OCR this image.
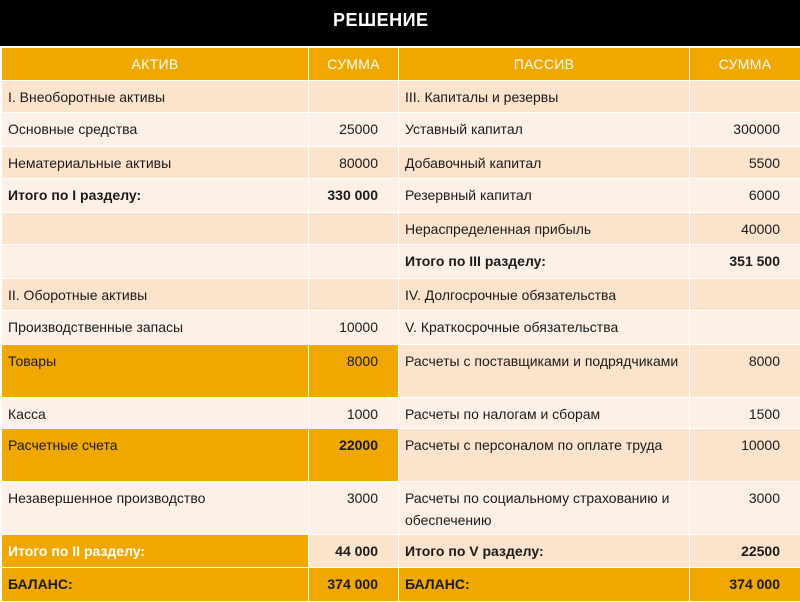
РЕШЕНИЕ
АКТИВ	СУММА	ПАССИВ	СУММА
I. Внеоборотные активы		III. Капиталы и резервы	
Основные средства	25000	Уставный капитал	300000
Нематериальные активы	80000	Добавочный капитал	5500
Итого по I разделу:	330 000	Резервный капитал	6000
		Нераспределенная прибыль	40000
		Итого по III разделу:	351 500
II. Оборотные активы		IV. Долгосрочные обязательства	
Производственные запасы	10000	V. Краткосрочные обязательства	
Товары	8000	Расчеты с поставщиками и подрядчиками	8000
Касса	1000	Расчеты по налогам и сборам	1500
Расчетные счета	22000	Расчеты с персоналом по оплате труда	10000
Незавершенное производство	3000	Расчеты по социальному страхованию и обеспечению	3000
Итого по II разделу:	44 000	Итого по V разделу:	22500
БАЛАНС:	374 000	БАЛАНС:	374 000
